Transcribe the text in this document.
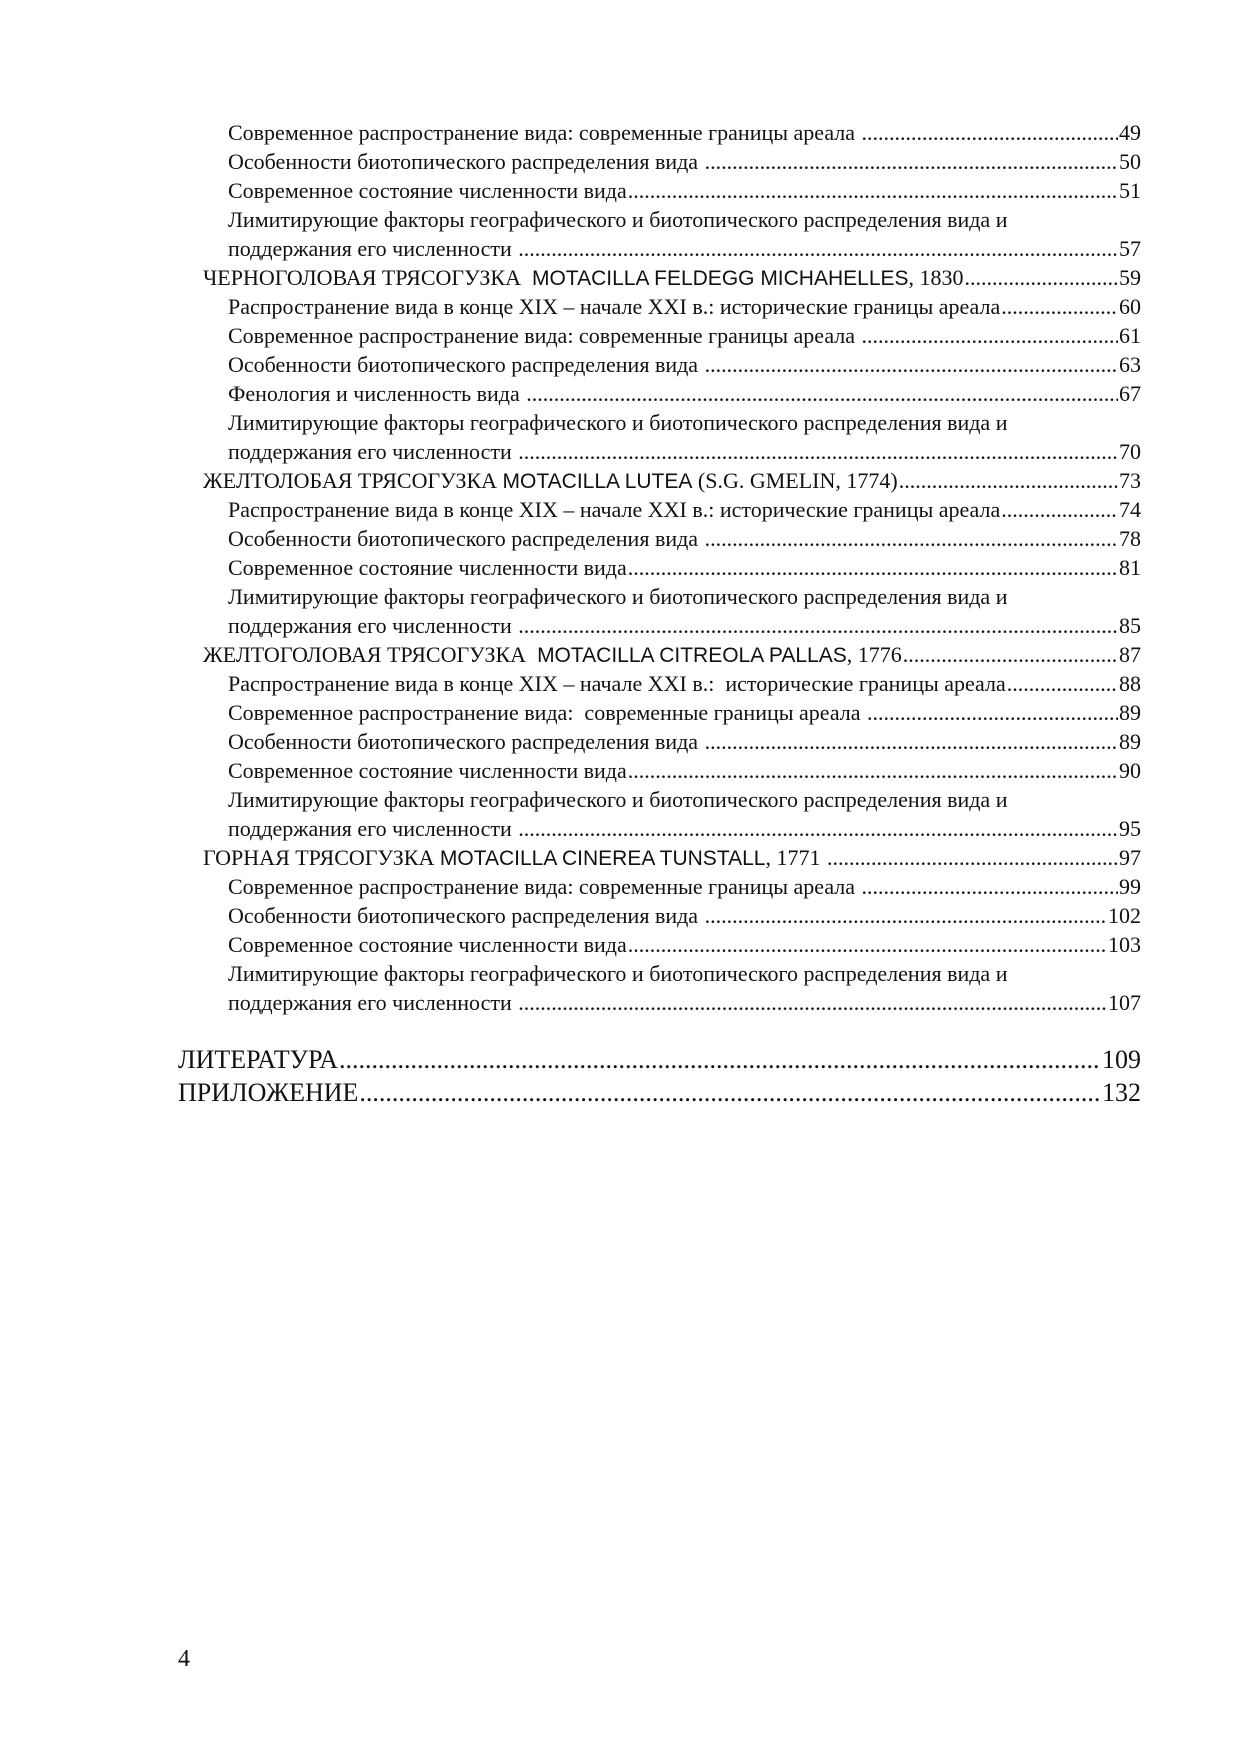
Современное распространение вида: современные границы ареала .....	49
Особенности биотопического распределения вида .....	50
Современное состояние численности вида .....	51
Лимитирующие факторы географического и биотопического распределения вида и
поддержания его численности .....	57
ЧЕРНОГОЛОВАЯ ТРЯСОГУЗКА MOTACILLA FELDEGG MICHAHELLES , 1830 .....	59
Распространение вида в конце XIX – начале XXI в.: исторические границы ареала .....	60
Современное распространение вида: современные границы ареала .....	61
Особенности биотопического распределения вида .....	63
Фенология и численность вида .....	67
Лимитирующие факторы географического и биотопического распределения вида и
поддержания его численности .....	70
ЖЕЛТОЛОБАЯ ТРЯСОГУЗКА MOTACILLA LUTEA (S.G. GMELIN, 1774) .....	73
Распространение вида в конце XIX – начале XXI в.: исторические границы ареала .....	74
Особенности биотопического распределения вида .....	78
Современное состояние численности вида .....	81
Лимитирующие факторы географического и биотопического распределения вида и
поддержания его численности .....	85
ЖЕЛТОГОЛОВАЯ ТРЯСОГУЗКА MOTACILLA CITREOLA PALLAS , 1776 .....	87
Распространение вида в конце XIX – начале XXI в.:  исторические границы ареала .....	88
Современное распространение вида:  современные границы ареала .....	89
Особенности биотопического распределения вида .....	89
Современное состояние численности вида .....	90
Лимитирующие факторы географического и биотопического распределения вида и
поддержания его численности .....	95
ГОРНАЯ ТРЯСОГУЗКА MOTACILLA CINEREA TUNSTALL , 1771 .....	97
Современное распространение вида: современные границы ареала .....	99
Особенности биотопического распределения вида .....	102
Современное состояние численности вида .....	103
Лимитирующие факторы географического и биотопического распределения вида и
поддержания его численности .....	107
ЛИТЕРАТУРА .....	109
ПРИЛОЖЕНИЕ .....	132
4
